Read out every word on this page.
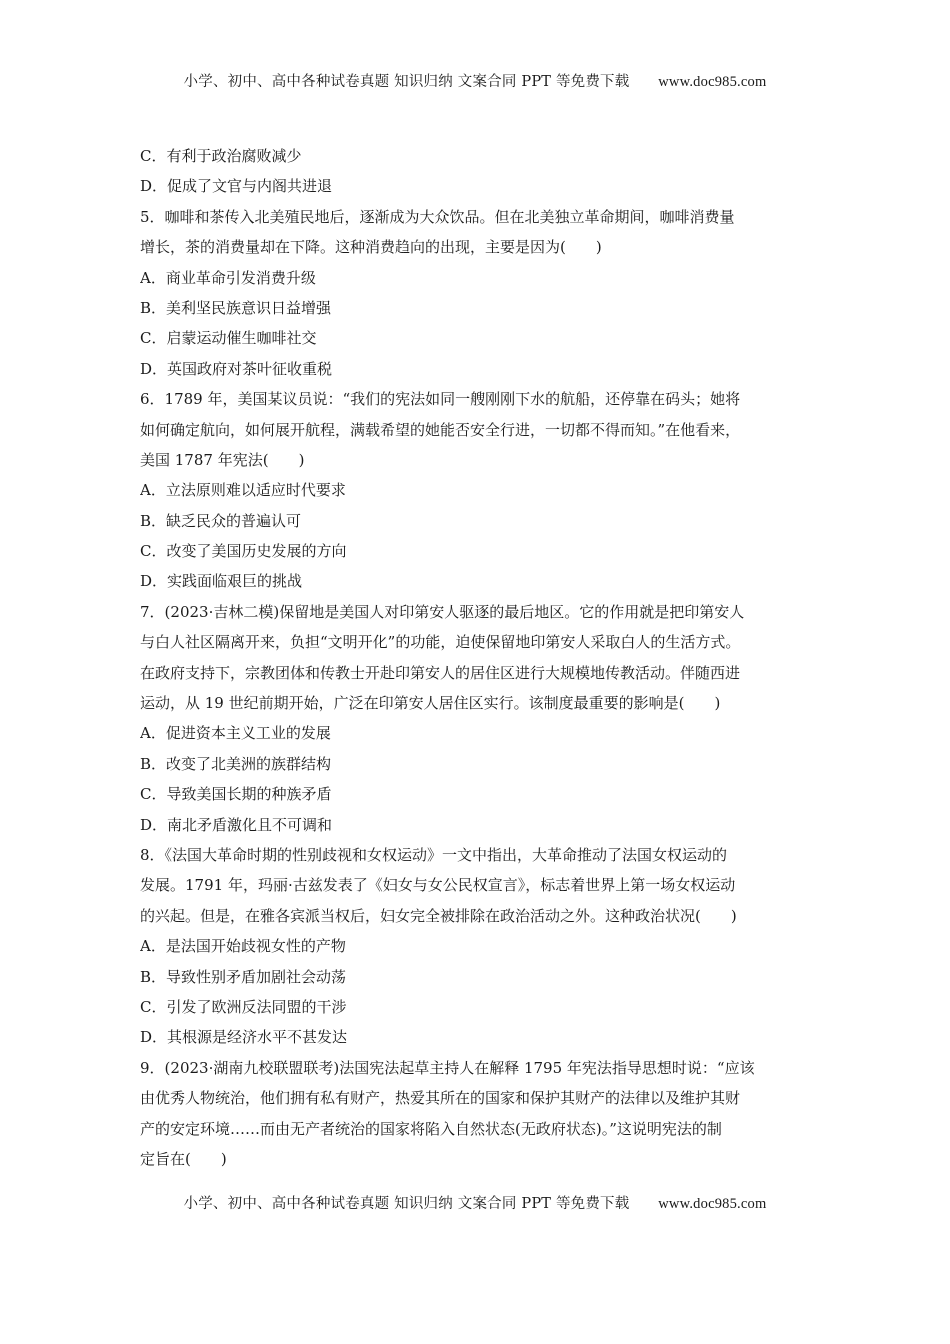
小学、初中、高中各种试卷真题 知识归纳 文案合同 PPT 等免费下载 www.doc985.com
C．有利于政治腐败减少
D．促成了文官与内阁共进退
5．咖啡和茶传入北美殖民地后，逐渐成为大众饮品。但在北美独立革命期间，咖啡消费量
增长，茶的消费量却在下降。这种消费趋向的出现，主要是因为(　　)
A．商业革命引发消费升级
B．美利坚民族意识日益增强
C．启蒙运动催生咖啡社交
D．英国政府对茶叶征收重税
6．1789 年，美国某议员说：“我们的宪法如同一艘刚刚下水的航船，还停靠在码头；她将
如何确定航向，如何展开航程，满载希望的她能否安全行进，一切都不得而知。”在他看来，
美国 1787 年宪法(　　)
A．立法原则难以适应时代要求
B．缺乏民众的普遍认可
C．改变了美国历史发展的方向
D．实践面临艰巨的挑战
7．(2023·吉林二模)保留地是美国人对印第安人驱逐的最后地区。它的作用就是把印第安人
与白人社区隔离开来，负担“文明开化”的功能，迫使保留地印第安人采取白人的生活方式。
在政府支持下，宗教团体和传教士开赴印第安人的居住区进行大规模地传教活动。伴随西进
运动，从 19 世纪前期开始，广泛在印第安人居住区实行。该制度最重要的影响是(　　)
A．促进资本主义工业的发展
B．改变了北美洲的族群结构
C．导致美国长期的种族矛盾
D．南北矛盾激化且不可调和
8．《法国大革命时期的性别歧视和女权运动》一文中指出，大革命推动了法国女权运动的
发展。1791 年，玛丽·古兹发表了《妇女与女公民权宣言》，标志着世界上第一场女权运动
的兴起。但是，在雅各宾派当权后，妇女完全被排除在政治活动之外。这种政治状况(　　)
A．是法国开始歧视女性的产物
B．导致性别矛盾加剧社会动荡
C．引发了欧洲反法同盟的干涉
D．其根源是经济水平不甚发达
9．(2023·湖南九校联盟联考)法国宪法起草主持人在解释 1795 年宪法指导思想时说：“应该
由优秀人物统治，他们拥有私有财产，热爱其所在的国家和保护其财产的法律以及维护其财
产的安定环境……而由无产者统治的国家将陷入自然状态(无政府状态)。”这说明宪法的制
定旨在(　　)
小学、初中、高中各种试卷真题 知识归纳 文案合同 PPT 等免费下载 www.doc985.com
